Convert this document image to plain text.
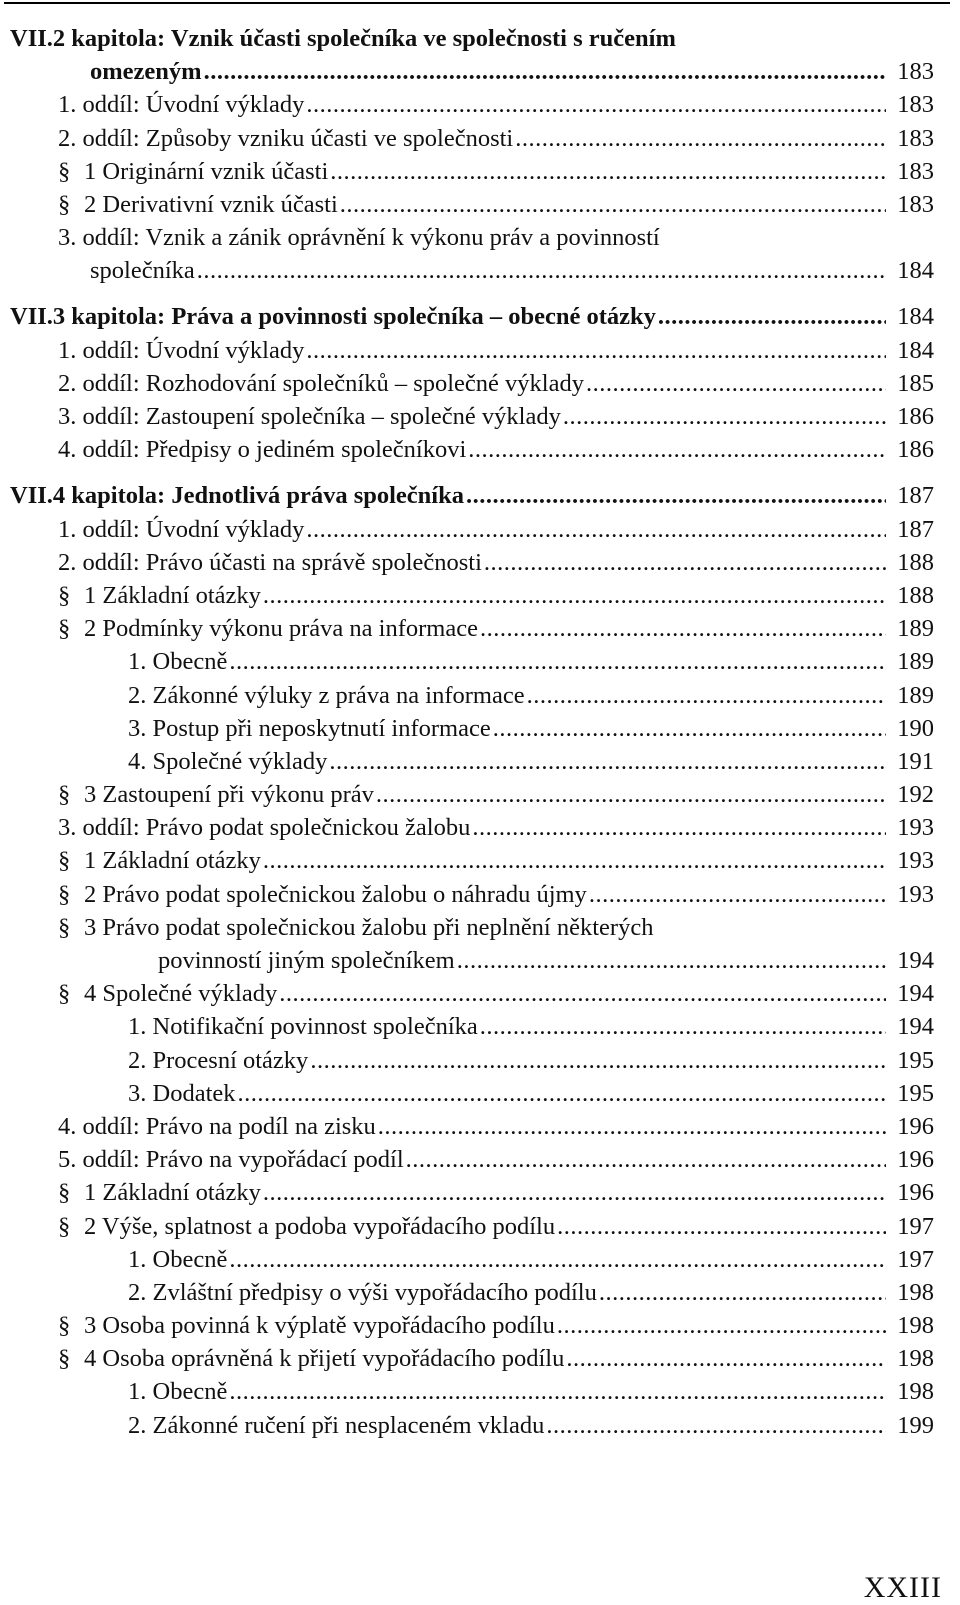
VII.2 kapitola: Vznik účasti společníka ve společnosti s ručením
omezeným .....	183
1. oddíl: Úvodní výklady .....	183
2. oddíl: Způsoby vzniku účasti ve společnosti .....	183
§ 1 Originární vznik účasti .....	183
§ 2 Derivativní vznik účasti .....	183
3. oddíl: Vznik a zánik oprávnění k výkonu práv a povinností
společníka .....	184
VII.3 kapitola: Práva a povinnosti společníka – obecné otázky .....	184
1. oddíl: Úvodní výklady .....	184
2. oddíl: Rozhodování společníků – společné výklady .....	185
3. oddíl: Zastoupení společníka – společné výklady .....	186
4. oddíl: Předpisy o jediném společníkovi .....	186
VII.4 kapitola: Jednotlivá práva společníka .....	187
1. oddíl: Úvodní výklady .....	187
2. oddíl: Právo účasti na správě společnosti .....	188
§ 1 Základní otázky .....	188
§ 2 Podmínky výkonu práva na informace .....	189
1. Obecně .....	189
2. Zákonné výluky z práva na informace .....	189
3. Postup při neposkytnutí informace .....	190
4. Společné výklady .....	191
§ 3 Zastoupení při výkonu práv .....	192
3. oddíl: Právo podat společnickou žalobu .....	193
§ 1 Základní otázky .....	193
§ 2 Právo podat společnickou žalobu o náhradu újmy .....	193
§ 3 Právo podat společnickou žalobu při neplnění některých
povinností jiným společníkem .....	194
§ 4 Společné výklady .....	194
1. Notifikační povinnost společníka .....	194
2. Procesní otázky .....	195
3. Dodatek .....	195
4. oddíl: Právo na podíl na zisku .....	196
5. oddíl: Právo na vypořádací podíl .....	196
§ 1 Základní otázky .....	196
§ 2 Výše, splatnost a podoba vypořádacího podílu .....	197
1. Obecně .....	197
2. Zvláštní předpisy o výši vypořádacího podílu .....	198
§ 3 Osoba povinná k výplatě vypořádacího podílu .....	198
§ 4 Osoba oprávněná k přijetí vypořádacího podílu .....	198
1. Obecně .....	198
2. Zákonné ručení při nesplaceném vkladu .....	199
XXIII
